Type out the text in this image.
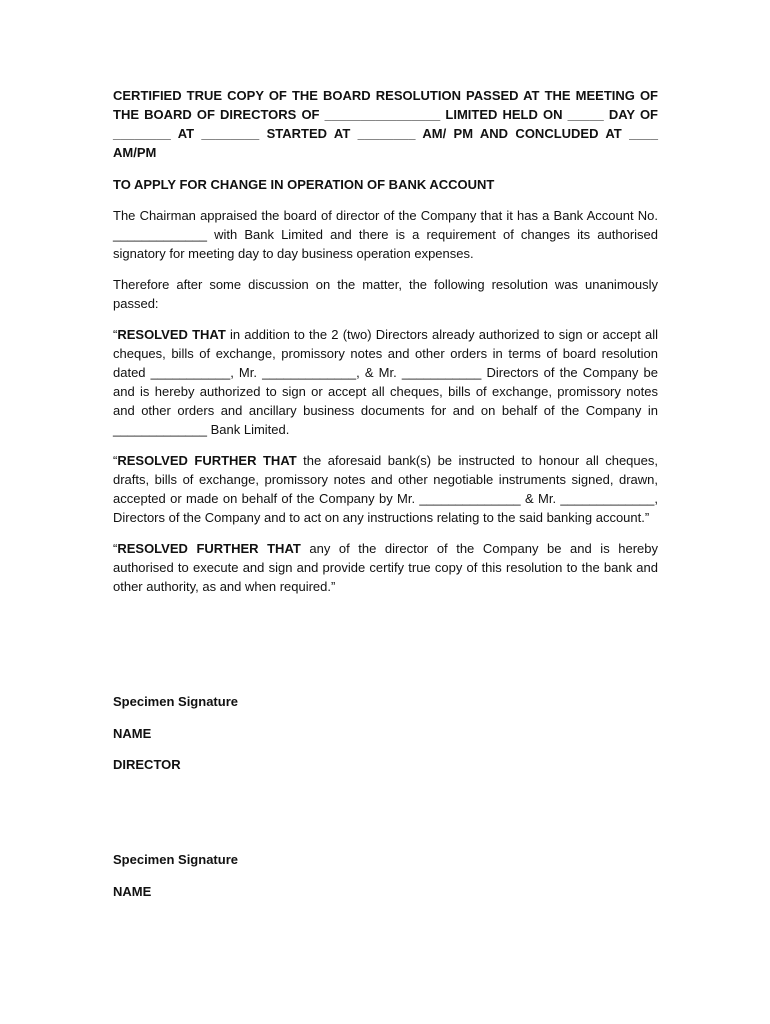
CERTIFIED TRUE COPY OF THE BOARD RESOLUTION PASSED AT THE MEETING OF THE BOARD OF DIRECTORS OF ________________ LIMITED HELD ON _____ DAY OF ________ AT ________ STARTED AT ________ AM/ PM AND CONCLUDED AT ____ AM/PM

TO APPLY FOR CHANGE IN OPERATION OF BANK ACCOUNT

The Chairman appraised the board of director of the Company that it has a Bank Account No. _____________ with Bank Limited and there is a requirement of changes its authorised signatory for meeting day to day business operation expenses.

Therefore after some discussion on the matter, the following resolution was unanimously passed:

“RESOLVED THAT in addition to the 2 (two) Directors already authorized to sign or accept all cheques, bills of exchange, promissory notes and other orders in terms of board resolution dated ___________, Mr. _____________, & Mr. ___________ Directors of the Company be and is hereby authorized to sign or accept all cheques, bills of exchange, promissory notes and other orders and ancillary business documents for and on behalf of the Company in _____________ Bank Limited.

“RESOLVED FURTHER THAT the aforesaid bank(s) be instructed to honour all cheques, drafts, bills of exchange, promissory notes and other negotiable instruments signed, drawn, accepted or made on behalf of the Company by Mr. ______________ & Mr. _____________, Directors of the Company and to act on any instructions relating to the said banking account.”

“RESOLVED FURTHER THAT any of the director of the Company be and is hereby authorised to execute and sign and provide certify true copy of this resolution to the bank and other authority, as and when required.”

Specimen Signature

NAME

DIRECTOR

Specimen Signature

NAME
